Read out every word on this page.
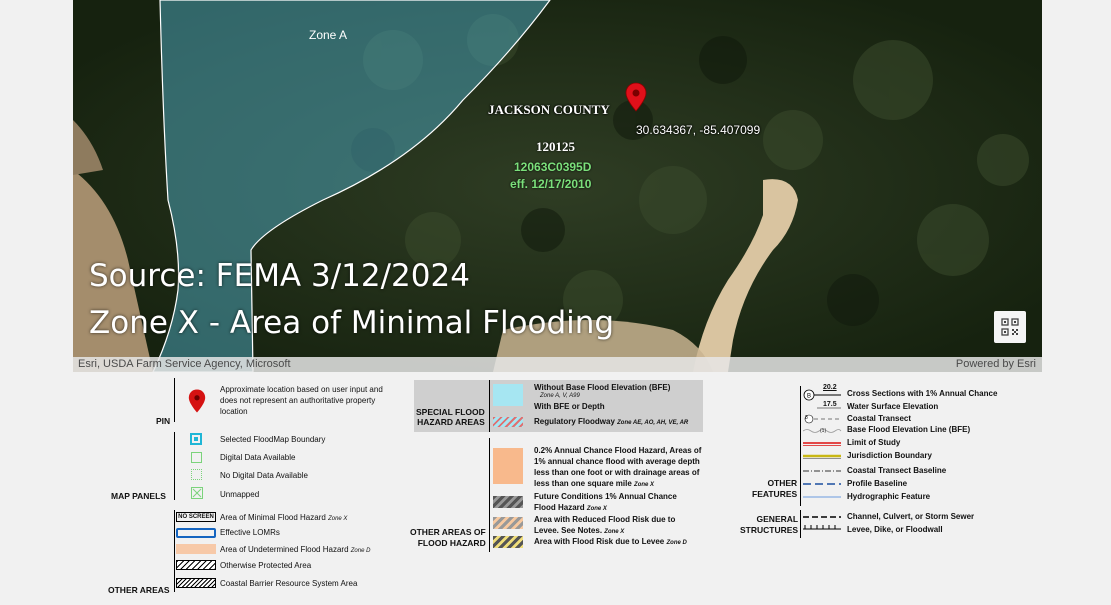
Zone A
JACKSON COUNTY
30.634367, -85.407099
120125
12063C0395D
eff. 12/17/2010
Source: FEMA 3/12/2024
Zone X - Area of Minimal Flooding
Esri, USDA Farm Service Agency, Microsoft	Powered by Esri
PIN
Approximate location based on user input and does not represent an authoritative property location
MAP PANELS
Selected FloodMap Boundary
Digital Data Available
No Digital Data Available
Unmapped
NO SCREEN Area of Minimal Flood Hazard Zone X
Effective LOMRs
Area of Undetermined Flood Hazard Zone D
Otherwise Protected Area
Coastal Barrier Resource System Area
OTHER AREAS
SPECIAL FLOOD
HAZARD AREAS
Without Base Flood Elevation (BFE)
Zone A, V, A99
With BFE or Depth
Regulatory Floodway Zone AE, AO, AH, VE, AR
0.2% Annual Chance Flood Hazard, Areas of 1% annual chance flood with average depth less than one foot or with drainage areas of less than one square mile Zone X
Future Conditions 1% Annual Chance Flood Hazard Zone X
Area with Reduced Flood Risk due to Levee. See Notes. Zone X
Area with Flood Risk due to Levee Zone D
OTHER AREAS OF
FLOOD HAZARD
B
20.2
17.5
8
(1)
Cross Sections with 1% Annual Chance
Water Surface Elevation
Coastal Transect
Base Flood Elevation Line (BFE)
Limit of Study
Jurisdiction Boundary
Coastal Transect Baseline
Profile Baseline
Hydrographic Feature
OTHER
FEATURES
Channel, Culvert, or Storm Sewer
Levee, Dike, or Floodwall
GENERAL
STRUCTURES
